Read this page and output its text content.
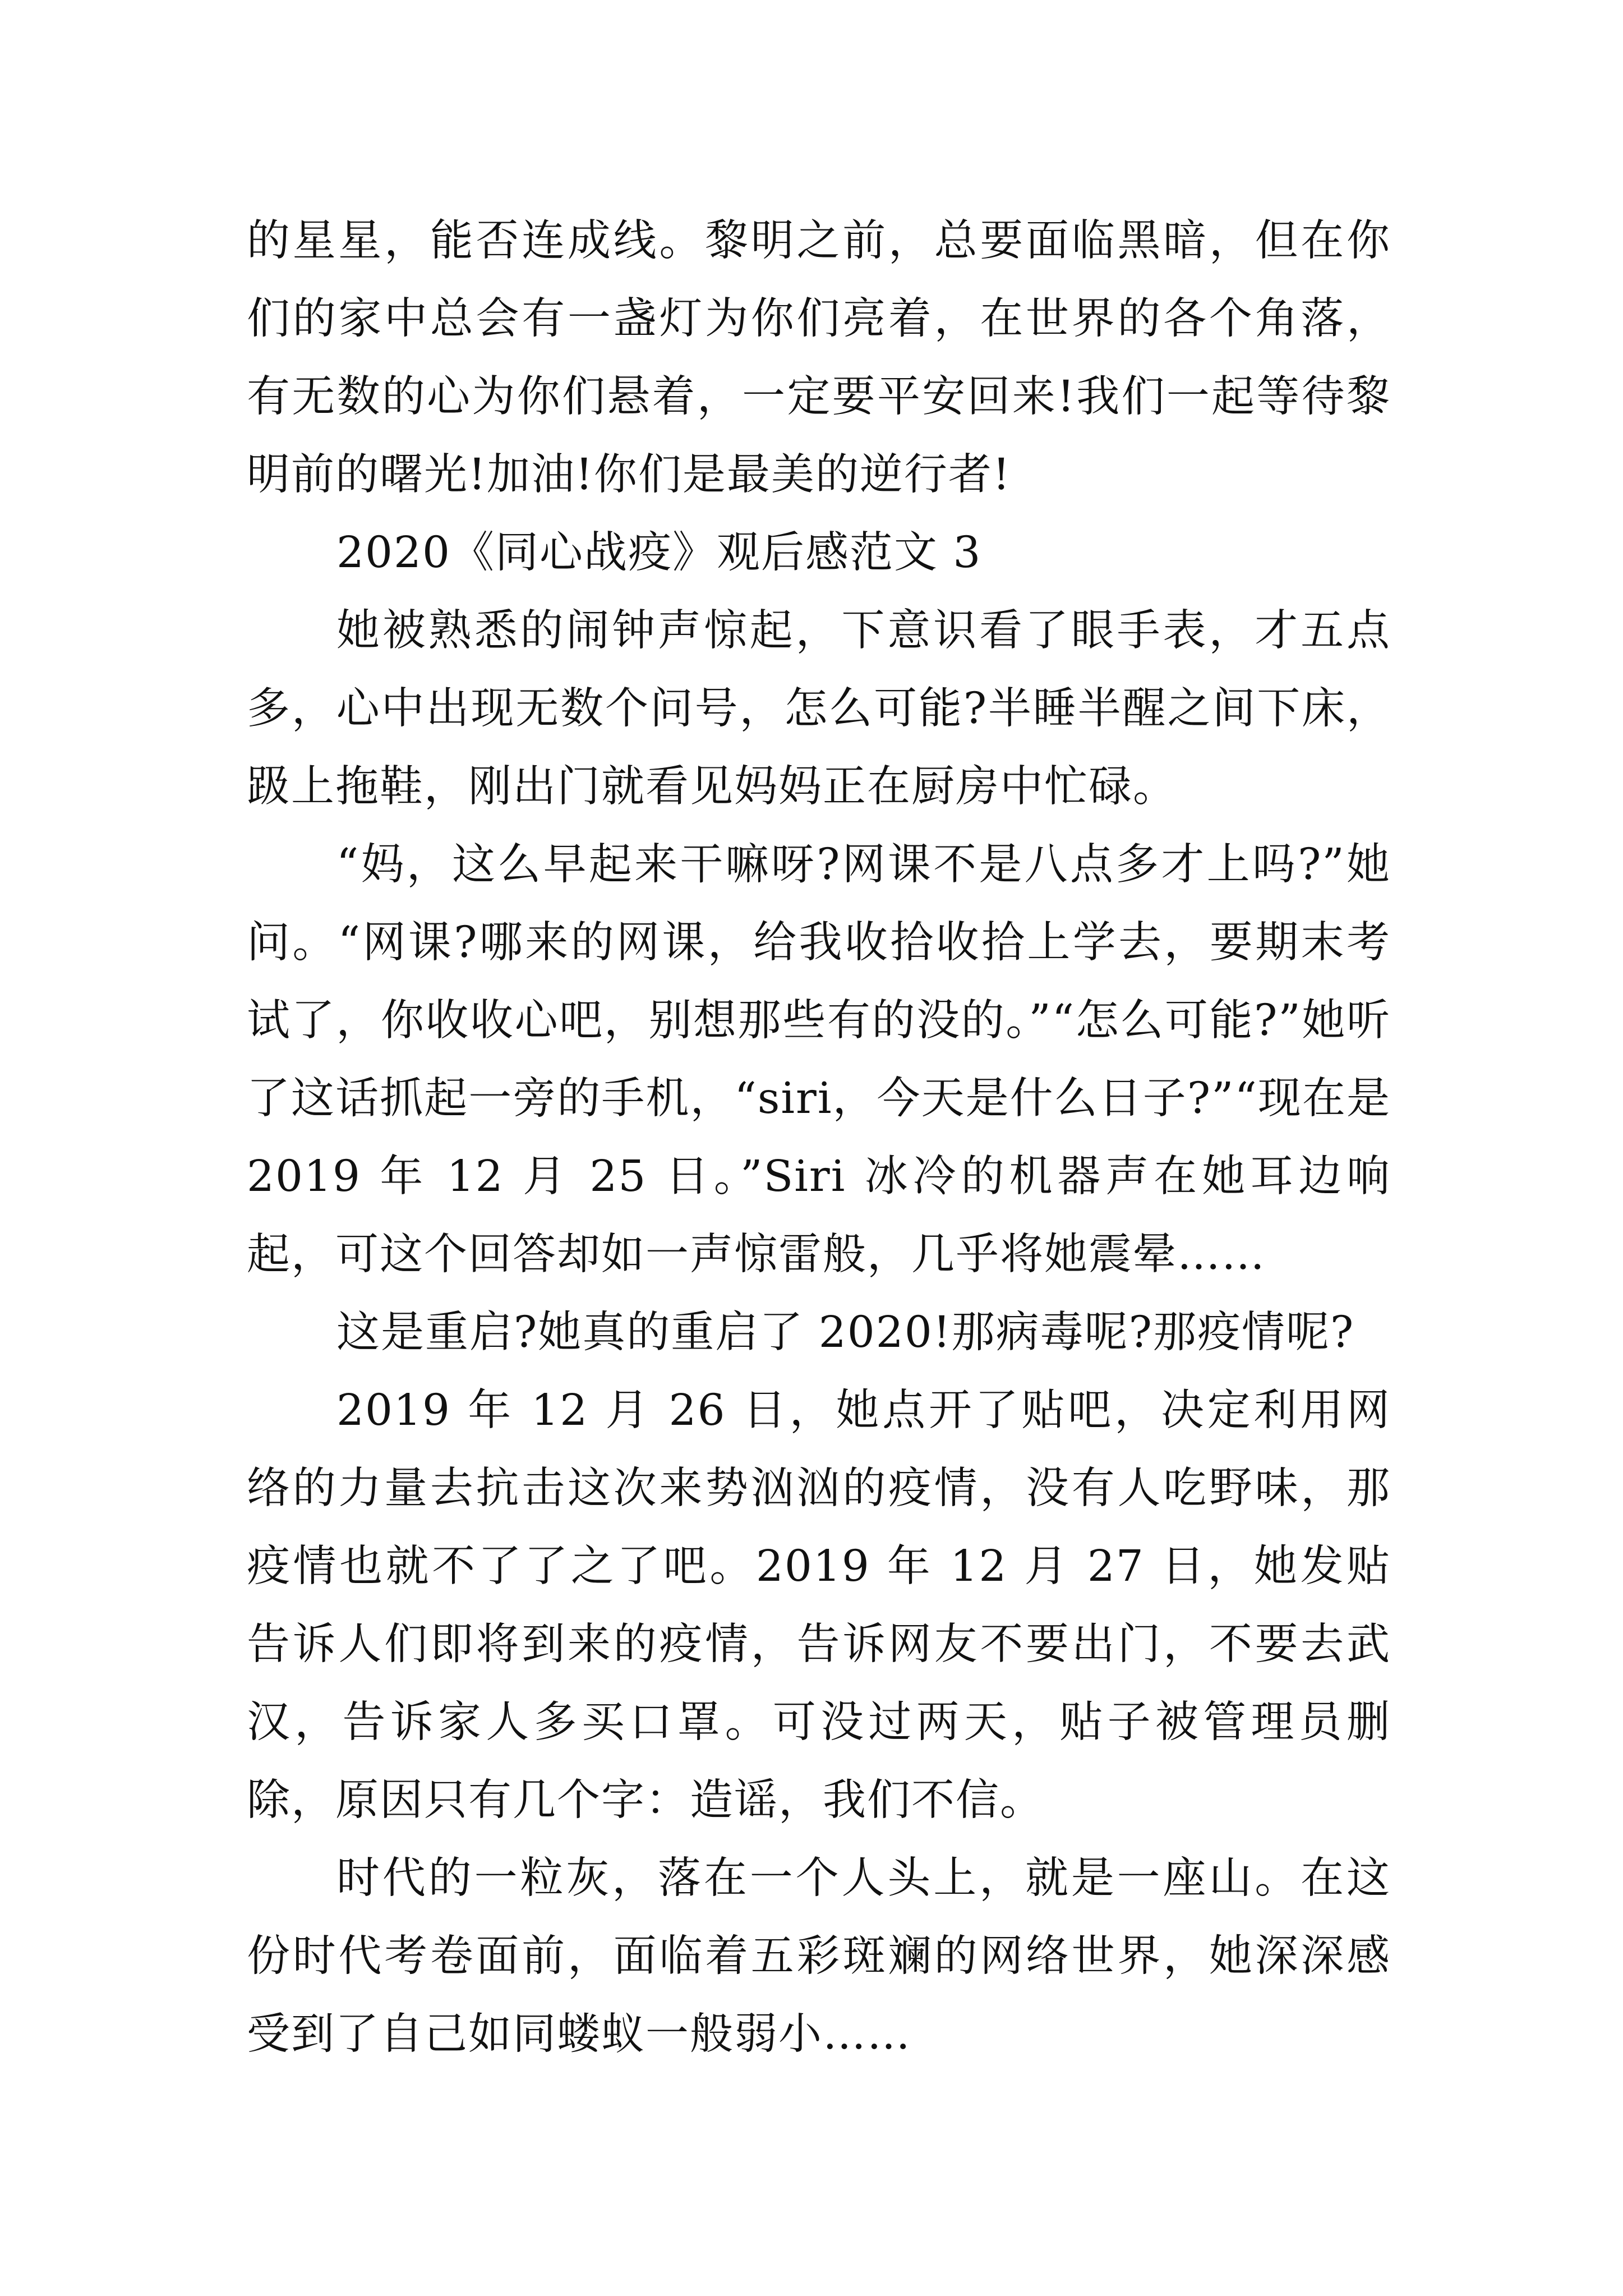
的星星，能否连成线。黎明之前，总要面临黑暗，但在你们的家中总会有一盏灯为你们亮着，在世界的各个角落，有无数的心为你们悬着，一定要平安回来!我们一起等待黎明前的曙光!加油!你们是最美的逆行者!

2020《同心战疫》观后感范文 3

她被熟悉的闹钟声惊起，下意识看了眼手表，才五点多，心中出现无数个问号，怎么可能?半睡半醒之间下床，趿上拖鞋，刚出门就看见妈妈正在厨房中忙碌。

“妈，这么早起来干嘛呀?网课不是八点多才上吗?”她问。“网课?哪来的网课，给我收拾收拾上学去，要期末考试了，你收收心吧，别想那些有的没的。”“怎么可能?”她听了这话抓起一旁的手机，“siri，今天是什么日子?”“现在是 2019 年 12 月 25 日。”Siri 冰冷的机器声在她耳边响起，可这个回答却如一声惊雷般，几乎将她震晕……

这是重启?她真的重启了 2020!那病毒呢?那疫情呢?

2019 年 12 月 26 日，她点开了贴吧，决定利用网络的力量去抗击这次来势汹汹的疫情，没有人吃野味，那疫情也就不了了之了吧。2019 年 12 月 27 日，她发贴告诉人们即将到来的疫情，告诉网友不要出门，不要去武汉，告诉家人多买口罩。可没过两天，贴子被管理员删除，原因只有几个字：造谣，我们不信。

时代的一粒灰，落在一个人头上，就是一座山。在这份时代考卷面前，面临着五彩斑斓的网络世界，她深深感受到了自己如同蝼蚁一般弱小……
